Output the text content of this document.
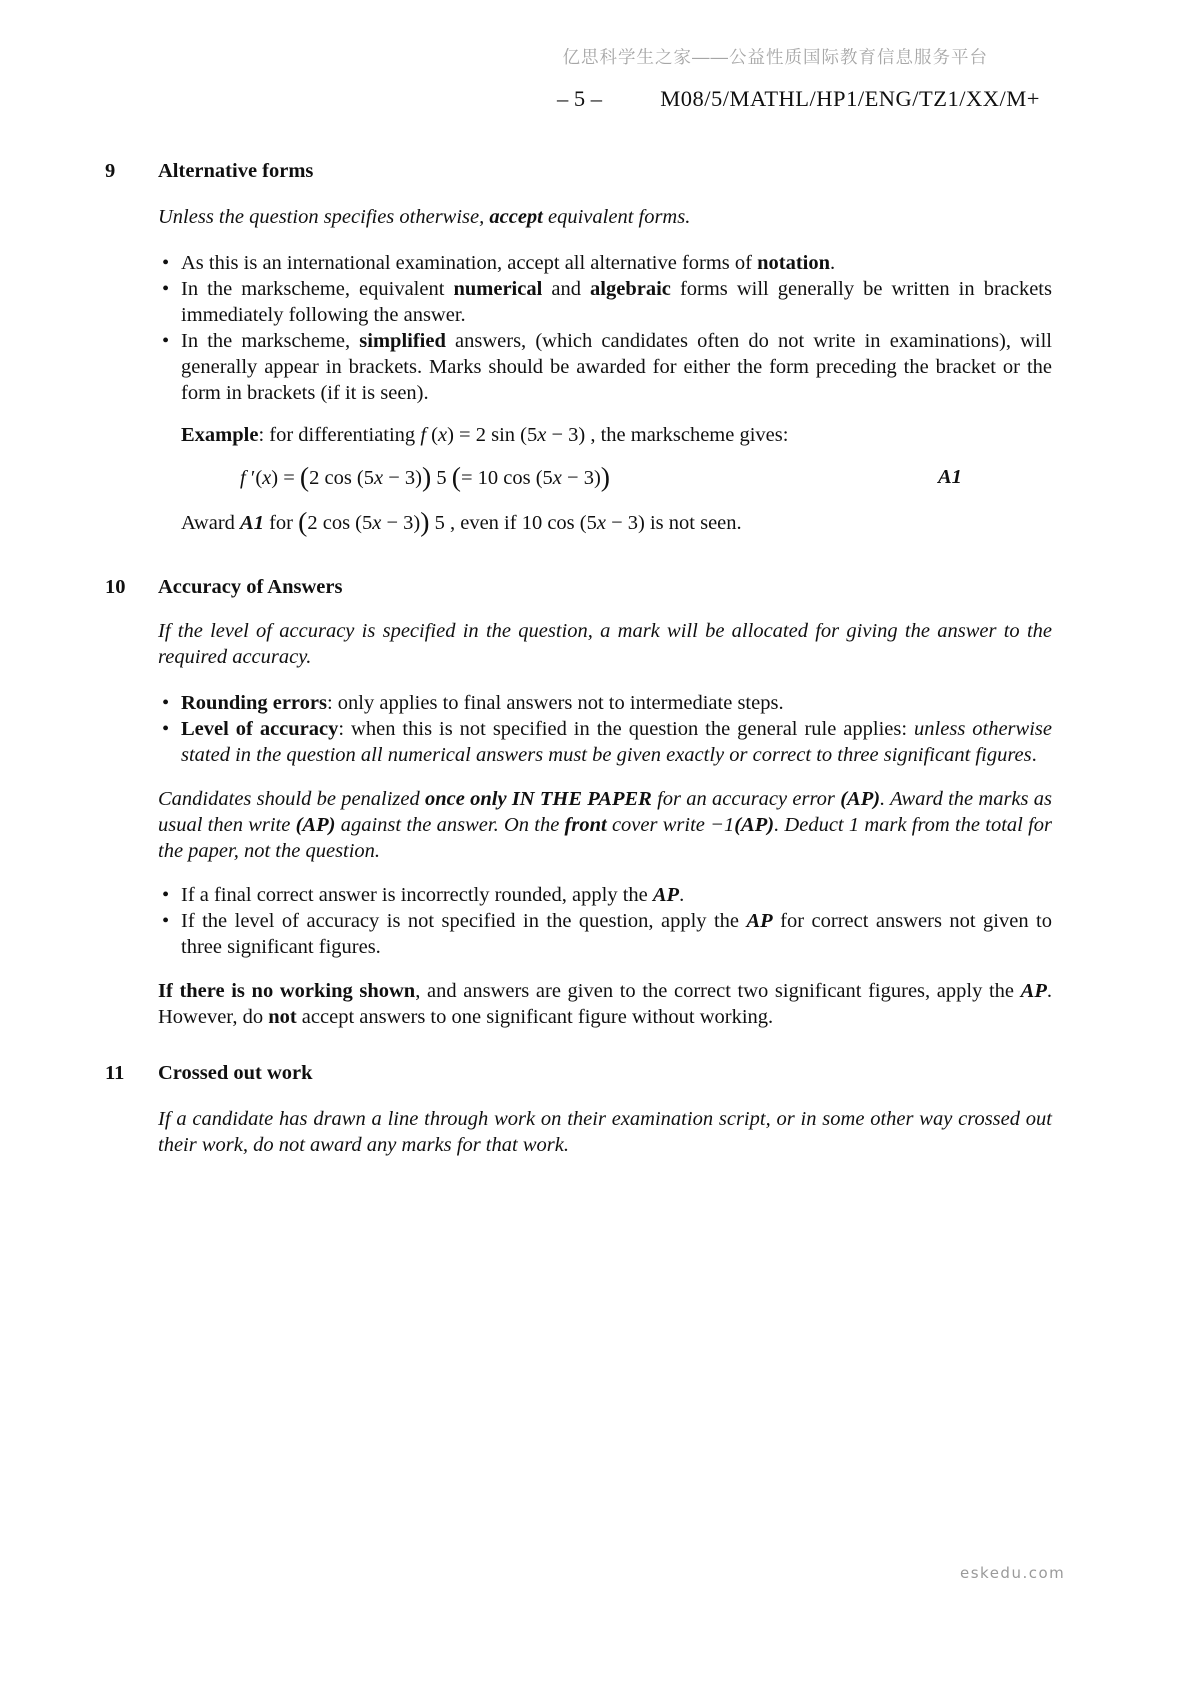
亿思科学生之家——公益性质国际教育信息服务平台
– 5 –	M08/5/MATHL/HP1/ENG/TZ1/XX/M+
9	Alternative forms

Unless the question specifies otherwise, accept equivalent forms.

• As this is an international examination, accept all alternative forms of notation.
• In the markscheme, equivalent numerical and algebraic forms will generally be written in brackets immediately following the answer.
• In the markscheme, simplified answers, (which candidates often do not write in examinations), will generally appear in brackets. Marks should be awarded for either the form preceding the bracket or the form in brackets (if it is seen).

Example: for differentiating f (x) = 2 sin (5x − 3) , the markscheme gives:

f ′(x) = (2 cos (5x − 3)) 5 (= 10 cos (5x − 3))	A1

Award A1 for (2 cos (5x − 3)) 5 , even if 10 cos (5x − 3) is not seen.

10	Accuracy of Answers

If the level of accuracy is specified in the question, a mark will be allocated for giving the answer to the required accuracy.

• Rounding errors: only applies to final answers not to intermediate steps.
• Level of accuracy: when this is not specified in the question the general rule applies: unless otherwise stated in the question all numerical answers must be given exactly or correct to three significant figures.

Candidates should be penalized once only IN THE PAPER for an accuracy error (AP). Award the marks as usual then write (AP) against the answer. On the front cover write −1(AP). Deduct 1 mark from the total for the paper, not the question.

• If a final correct answer is incorrectly rounded, apply the AP.
• If the level of accuracy is not specified in the question, apply the AP for correct answers not given to three significant figures.

If there is no working shown, and answers are given to the correct two significant figures, apply the AP. However, do not accept answers to one significant figure without working.

11	Crossed out work

If a candidate has drawn a line through work on their examination script, or in some other way crossed out their work, do not award any marks for that work.

eskedu.com
